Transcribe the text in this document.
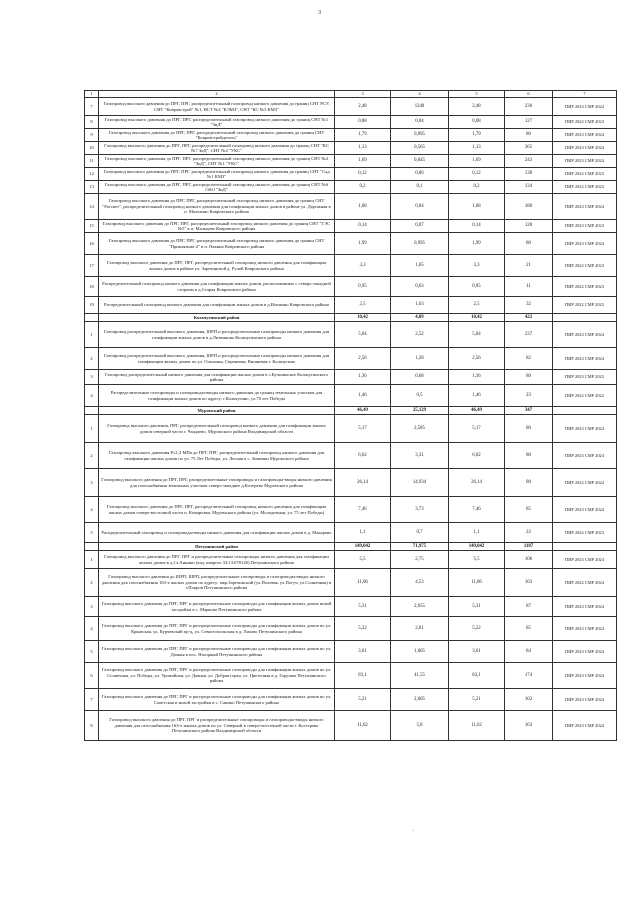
3
1	2	3	4	5	6	7
7	Газопровод высокого давления до ПРГ, ПРГ, распределительный газопровод низкого давления до границ СНТ РСУ, СНТ "Ковровстрой" №1, НСТ №4 "КЭМЗ", СНТ "КС №3 КМЗ"	2,48	1240	2,48	236	ПИР 2023 СМР 2024
8	Газопровод высокого давления до ПРГ, ПРГ, распределительный газопровод низкого давления до границ СНТ №1 "ЗиД"	0,08	0,04	0,08	127	ПИР 2022 СМР 2023
9	Газопровод высокого давления до ПРГ, ПРГ, распределительный газопровод низкого давления до границ СНТ "Ковровстройдеталь"	1,79	0,895	1,79	80	ПИР 2023 СМР 2024
10	Газопровод высокого давления до ПРГ, ПРГ, распределительный газопровод низкого давления до границ СНТ "КС №7 ЗиД", СНТ №2 "УКС"	1,13	0,565	1,13	365	ПИР 2023 СМР 2024
11	Газопровод высокого давления до ПРГ, ПРГ, распределительный газопровод низкого давления до границ СНТ №2 "ЗиД", СНТ №1 "УКС"	1,69	0,845	1,69	243	ПИР 2023 СМР 2024
12	Газопровод высокого давления до ПРГ, ПРГ, распределительный газопровод низкого давления до границ СНТ "Сад №1 КМЗ"	0,12	0,06	0,12	130	ПИР 2022 СМР 2023
13	Газопровод высокого давления до ПРГ, ПРГ, распределительный газопровод низкого давления до границ СНТ №6 ОАО "ЗиД"	0,2	0,1	0,2	134	ПИР 2022 СМР 2023
14	Газопровод высокого давления до ПРГ, ПРГ, распределительный газопровод низкого давления до границ СНТ "Рассвет", распределительный газопровод низкого давления для газификации жилых домов в районе ул. Дорожная в п. Мальтино Ковровского района	1,68	0,84	1,68	180	ПИР 2023 СМР 2024
15	Газопровод высокого давления до ПРГ, ПРГ, распределительный газопровод низкого давления до границ СНТ "ГЭС №5" в п. Мальцево Ковровского района	0,14	0,07	0,14	128	ПИР 2023 СМР 2023
16	Газопровод высокого давления до ПРГ, ПРГ, распределительный газопровод низкого давления до границ СНТ "Приклязьма-2" в п. Пакино Ковровского района	1,99	0,995	1,99	80	ПИР 2023 СМР 2024
17	Газопровод высокого давления до ПРГ, ПРГ, распределительный газопровод низкого давления для газификации жилых домов в районе ул. Заречинской д. Ручей Ковровского района	3,3	1,65	3,3	21	ПИР 2022 СМР 2023
18	Распределительный газопровод низкого давления для газификации жилых домов, расположенных с северо-западной стороны в д.Старая Ковровского района	0,95	0,63	0,95	11	ПИР 2022 СМР 2023
19	Распределительный газопровод низкого давления для газификации жилых домов в д.Ильмино Ковровского района	2,5	1,63	2,5	32	ПИР 2022 СМР 2023
	Кольчугинский район	10,42	4,09	10,42	422	
1	Газопровод распределительный высокого давления, ШРП и распределительные газопроводы низкого давления для газификации жилых домов в д.Литвиново Кольчугинского района	5,04	2,52	5,04	237	ПИР 2023 СМР 2024
2	Газопровод распределительный высокого давления, ШРП и распределительные газопроводы низкого давления для газификации жилых домов по ул. Ольховая, Сиреневая, Вишневая г. Кольчугино	2,56	1,28	2,56	82	ПИР 2023 СМР 2024
3	Газопровод распределительный низкого давления для газификации жилых домов в с.Кучшинское Кольчугинского района	1,36	0,68	1,36	80	ПИР 2023 СМР 2023
4	Распределительные газопроводы и газопроводы-вводы низкого давления до границ земельных участков для газификации жилых домов по адресу: г.Кольчугино, ул.70 лет Победы	1,46	0,5	1,46	23	ПИР 2022 СМР 2022
	Муромский район	46,49	25,129	46,49	347	
1	Газопровод высокого давления, ПРГ, распределительный газопровод низкого давления для газификации жилых домов северной части г. Чаадаево, Муромского района Владимирской области	5,17	2,585	5,17	80	ПИР 2023 СМР 2024
2	Газопровод высокого давления Р≤1,2 МПа до ПРГ, ПРГ, распределительный газопровод низкого давления для газификации жилых домов по ул. 75 Лет Победы, ул. Лесная в с. Зименки Муромского района	6,62	3,31	6,62	80	ПИР 2023 СМР 2024
3	Газопровод высокого давления до ПРГ, ПРГ, распределительные газопроводы и газопроводы-вводы низкого давления для газоснабжения земельных участков северо-западнее д.Клтерево Муромского района	26,14	14,934	26,14	80	ПИР 2022 СМР 2024
4	Газопровод высокого давления до ПРГ, ПРГ, распределительный газопровод низкого давления для газификации жилых домов северо-восточной части п. Комаровка, Муромского района (ул. Молодежная, ул. 75 лет Победы)	7,46	3,73	7,46	85	ПИР 2023 СМР 2024
5	Распределительный газопровод и газопроводы-вводы низкого давления для газификации жилых домов в д. Макарово	1,1	0,7	1,1	22	ПИР 2022 СМР 2023
	Петушинский район	149,042	71,975	149,042	1187	
1	Газопровод высокого давления до ПРГ, ПРГ и распределительные газопроводы низкого давления для газификации жилых домов в д.Ст.Аннино (кад. квартал 33:13:070126) Петушинского района	5,5	2,75	5,5	106	ПИР 2023 СМР 2024
2	Газопровод высокого давления до ШРП, ШРП, распределительные газопроводы и газопроводы-вводы низкого давления для газоснабжения 163-х жилых домов по адресу: мкр.Заречинский (ул.Полевая, ул.Погуч, ул.Солнечная) в г.Покров Петушинского района	11,06	4,53	11,06	163	ПИР 2022 СМР 2024
3	Газопровод высокого давления до ПРГ, ПРГ и распределительные газопроводы для газификации жилых домов новой застройки в с. Марково Петушинского района	5,31	2,655	5,31	87	ПИР 2023 СМР 2024
4	Газопровод высокого давления до ПРГ, ПРГ и распределительные газопроводы для газификации жилых домов по ул. Крымская, ул. Курчевский пр-д, ул. Севастопольская в д. Ляхово Петушинского района	5,22	2,61	5,22	85	ПИР 2023 СМР 2024
5	Газопровод высокого давления до ПРГ, ПРГ и распределительные газопроводы для газификации жилых домов по ул. Дачная в пос. Нагорный Петушинского района	3,61	1,805	3,61	84	ПИР 2023 СМР 2024
6	Газопровод высокого давления до ПРГ, ПРГ и распределительные газопроводы для газификации жилых домов по ул. Солнечная, ул. Победы, ул. Урожайная, ул. Дачная, ул. Добрая горка, ул. Цветочная в д. Горушка Петушинского района	83,1	41,55	83,1	174	ПИР 2023 СМР 2024
7	Газопровод высокого давления до ПРГ, ПРГ и распределительные газопроводы для газификации жилых домов по ул. Советская и новой застройки в с. Санино Петушинского района	5,21	2,605	5,21	102	ПИР 2023 СМР 2024
8	Газопровод высокого давления до ПРГ, ПРГ и распределительные газопроводы и газопроводы-вводы низкого давления для газоснабжения 163-х жилых домов по ул. Северной в северо-восточной части г. Костерево Петушинского района Владимирской области	11,62	5,8	11,62	163	ПИР 2023 СМР 2024
·
